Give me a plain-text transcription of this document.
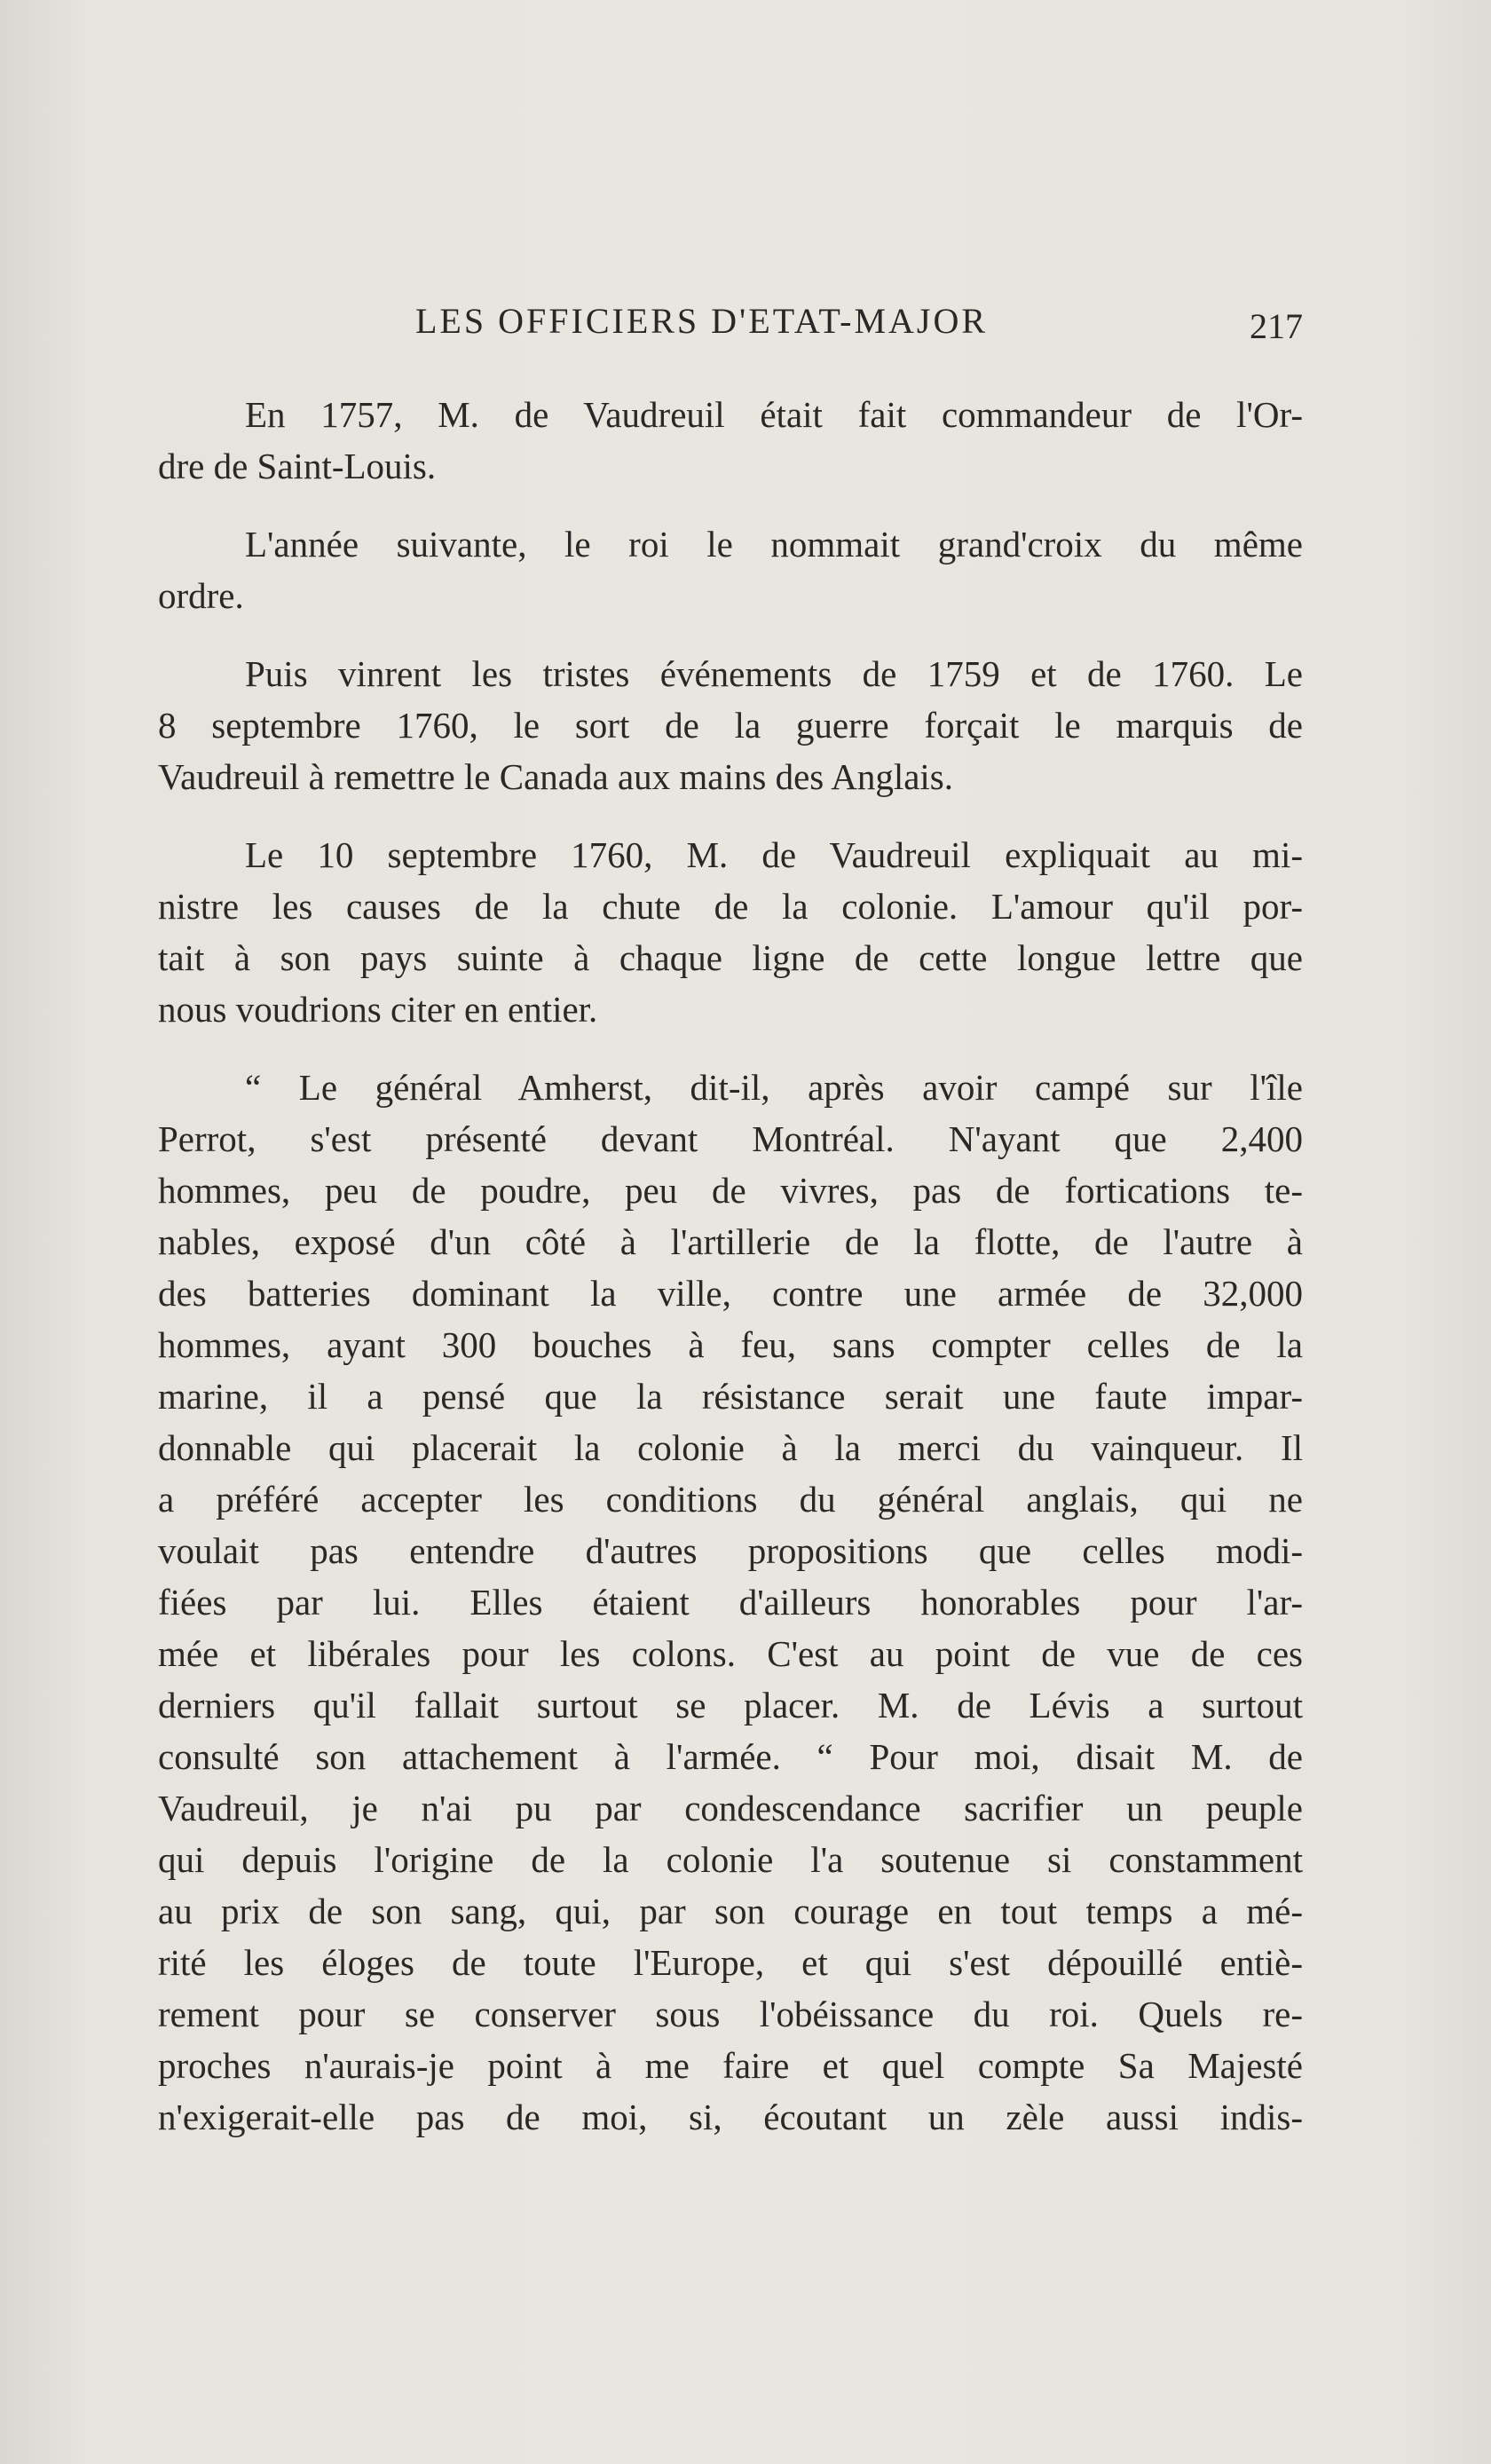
LES OFFICIERS D'ETAT-MAJOR	217
En 1757, M. de Vaudreuil était fait commandeur de l'Or-
dre de Saint-Louis.
L'année suivante, le roi le nommait grand'croix du même
ordre.
Puis vinrent les tristes événements de 1759 et de 1760. Le
8 septembre 1760, le sort de la guerre forçait le marquis de
Vaudreuil à remettre le Canada aux mains des Anglais.
Le 10 septembre 1760, M. de Vaudreuil expliquait au mi-
nistre les causes de la chute de la colonie. L'amour qu'il por-
tait à son pays suinte à chaque ligne de cette longue lettre que
nous voudrions citer en entier.
“ Le général Amherst, dit-il, après avoir campé sur l'île
Perrot, s'est présenté devant Montréal. N'ayant que 2,400
hommes, peu de poudre, peu de vivres, pas de fortications te-
nables, exposé d'un côté à l'artillerie de la flotte, de l'autre à
des batteries dominant la ville, contre une armée de 32,000
hommes, ayant 300 bouches à feu, sans compter celles de la
marine, il a pensé que la résistance serait une faute impar-
donnable qui placerait la colonie à la merci du vainqueur. Il
a préféré accepter les conditions du général anglais, qui ne
voulait pas entendre d'autres propositions que celles modi-
fiées par lui. Elles étaient d'ailleurs honorables pour l'ar-
mée et libérales pour les colons. C'est au point de vue de ces
derniers qu'il fallait surtout se placer. M. de Lévis a surtout
consulté son attachement à l'armée. “ Pour moi, disait M. de
Vaudreuil, je n'ai pu par condescendance sacrifier un peuple
qui depuis l'origine de la colonie l'a soutenue si constamment
au prix de son sang, qui, par son courage en tout temps a mé-
rité les éloges de toute l'Europe, et qui s'est dépouillé entiè-
rement pour se conserver sous l'obéissance du roi. Quels re-
proches n'aurais-je point à me faire et quel compte Sa Majesté
n'exigerait-elle pas de moi, si, écoutant un zèle aussi indis-
